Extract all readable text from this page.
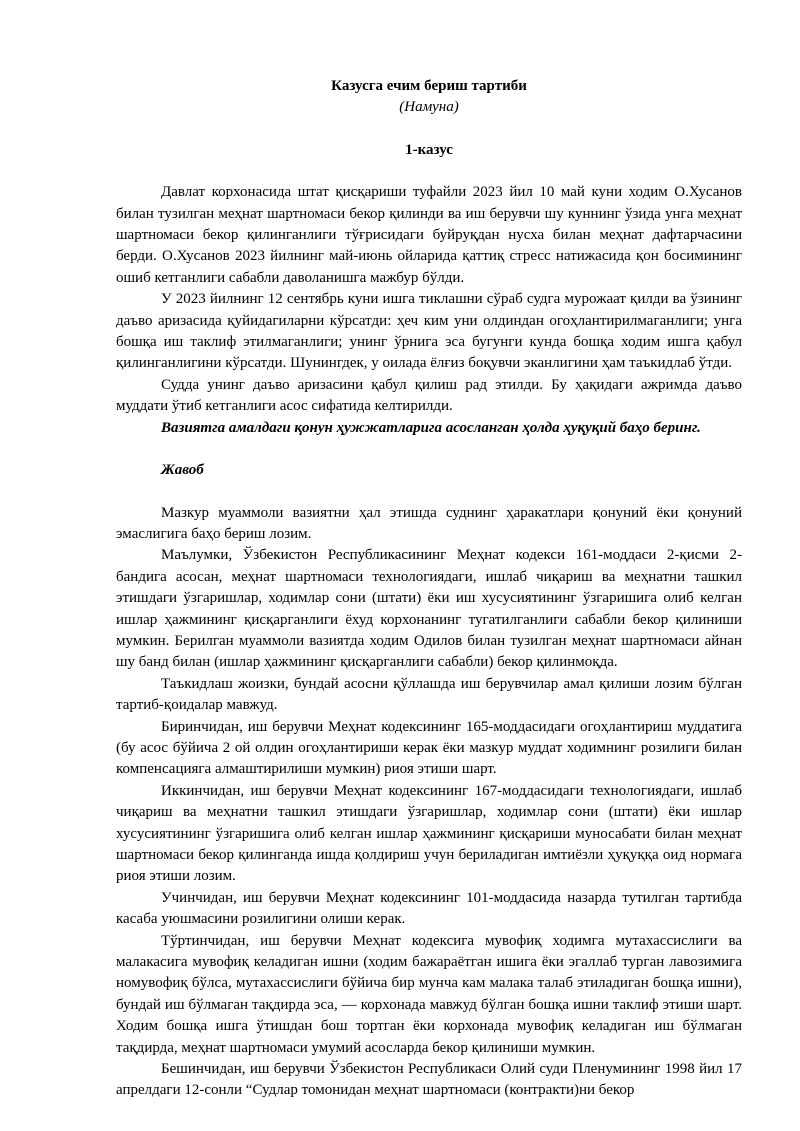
Казусга ечим бериш тартиби

(Намуна)

1-казус

Давлат корхонасида штат қисқариши туфайли 2023 йил 10 май куни ходим О.Хусанов билан тузилган меҳнат шартномаси бекор қилинди ва иш берувчи шу куннинг ўзида унга меҳнат шартномаси бекор қилинганлиги тўғрисидаги буйруқдан нусха билан меҳнат дафтарчасини берди. О.Хусанов 2023 йилнинг май-июнь ойларида қаттиқ стресс натижасида қон босимининг ошиб кетганлиги сабабли даволанишга мажбур бўлди.

У 2023 йилнинг 12 сентябрь куни ишга тиклашни сўраб судга мурожаат қилди ва ўзининг даъво аризасида қуйидагиларни кўрсатди: ҳеч ким уни олдиндан огоҳлантирилмаганлиги; унга бошқа иш таклиф этилмаганлиги; унинг ўрнига эса бугунги кунда бошқа ходим ишга қабул қилинганлигини кўрсатди. Шунингдек, у оилада ёлғиз боқувчи эканлигини ҳам таъкидлаб ўтди.

Судда унинг даъво аризасини қабул қилиш рад этилди. Бу ҳақидаги ажримда даъво муддати ўтиб кетганлиги асос сифатида келтирилди.

Вазиятга амалдаги қонун ҳужжатларига асосланган ҳолда ҳуқуқий баҳо беринг.

Жавоб

Мазкур муаммоли вазиятни ҳал этишда суднинг ҳаракатлари қонуний ёки қонуний эмаслигига баҳо бериш лозим.

Маълумки, Ўзбекистон Республикасининг Меҳнат кодекси 161-моддаси 2-қисми 2-бандига асосан, меҳнат шартномаси технологиядаги, ишлаб чиқариш ва меҳнатни ташкил этишдаги ўзгаришлар, ходимлар сони (штати) ёки иш хусусиятининг ўзгаришига олиб келган ишлар ҳажмининг қисқарганлиги ёхуд корхонанинг тугатилганлиги сабабли бекор қилиниши мумкин. Берилган муаммоли вазиятда ходим Одилов билан тузилган меҳнат шартномаси айнан шу банд билан (ишлар ҳажмининг қисқарганлиги сабабли) бекор қилинмоқда.

Таъкидлаш жоизки, бундай асосни қўллашда иш берувчилар амал қилиши лозим бўлган тартиб-қоидалар мавжуд.

Биринчидан, иш берувчи Меҳнат кодексининг 165-моддасидаги огоҳлантириш муддатига (бу асос бўйича 2 ой олдин огоҳлантириши керак ёки мазкур муддат ходимнинг розилиги билан компенсацияга алмаштирилиши мумкин) риоя этиши шарт.

Иккинчидан, иш берувчи Меҳнат кодексининг 167-моддасидаги технологиядаги, ишлаб чиқариш ва меҳнатни ташкил этишдаги ўзгаришлар, ходимлар сони (штати) ёки ишлар хусусиятининг ўзгаришига олиб келган ишлар ҳажмининг қисқариши муносабати билан меҳнат шартномаси бекор қилинганда ишда қолдириш учун бериладиган имтиёзли ҳуқуққа оид нормага риоя этиши лозим.

Учинчидан, иш берувчи Меҳнат кодексининг 101-моддасида назарда тутилган тартибда касаба уюшмасини розилигини олиши керак.

Тўртинчидан, иш берувчи Меҳнат кодексига мувофиқ ходимга мутахассислиги ва малакасига мувофиқ келадиган ишни (ходим бажараётган ишига ёки эгаллаб турган лавозимига номувофиқ бўлса, мутахассислиги бўйича бир мунча кам малака талаб этиладиган бошқа ишни), бундай иш бўлмаган тақдирда эса, — корхонада мавжуд бўлган бошқа ишни таклиф этиши шарт. Ходим бошқа ишга ўтишдан бош тортган ёки корхонада мувофиқ келадиган иш бўлмаган тақдирда, меҳнат шартномаси умумий асосларда бекор қилиниши мумкин.

Бешинчидан, иш берувчи Ўзбекистон Республикаси Олий суди Пленумининг 1998 йил 17 апрелдаги 12-сонли “Судлар томонидан меҳнат шартномаси (контракти)ни бекор
